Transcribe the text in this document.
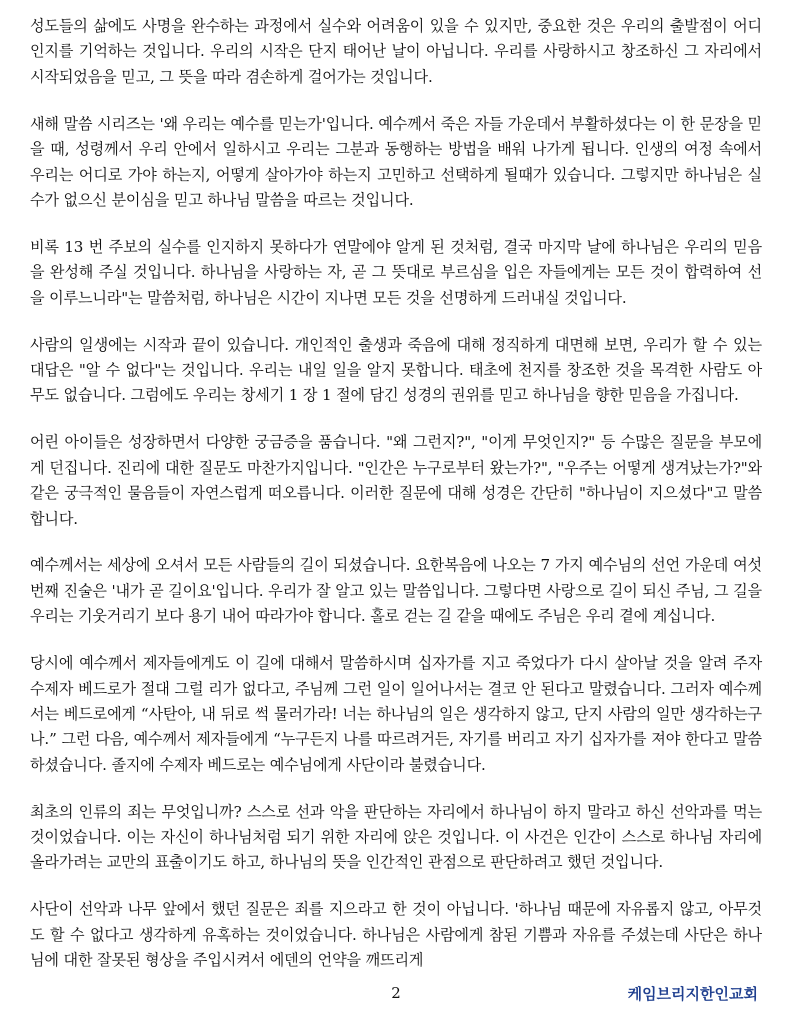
성도들의 삶에도 사명을 완수하는 과정에서 실수와 어려움이 있을 수 있지만, 중요한 것은 우리의 출발점이 어디인지를 기억하는 것입니다. 우리의 시작은 단지 태어난 날이 아닙니다. 우리를 사랑하시고 창조하신 그 자리에서 시작되었음을 믿고, 그 뜻을 따라 겸손하게 걸어가는 것입니다.

새해 말씀 시리즈는 '왜 우리는 예수를 믿는가'입니다. 예수께서 죽은 자들 가운데서 부활하셨다는 이 한 문장을 믿을 때, 성령께서 우리 안에서 일하시고 우리는 그분과 동행하는 방법을 배워 나가게 됩니다. 인생의 여정 속에서 우리는 어디로 가야 하는지, 어떻게 살아가야 하는지 고민하고 선택하게 될때가 있습니다. 그렇지만 하나님은 실수가 없으신 분이심을 믿고 하나님 말씀을 따르는 것입니다.

비록 13 번 주보의 실수를 인지하지 못하다가 연말에야 알게 된 것처럼, 결국 마지막 날에 하나님은 우리의 믿음을 완성해 주실 것입니다. 하나님을 사랑하는 자, 곧 그 뜻대로 부르심을 입은 자들에게는 모든 것이 합력하여 선을 이루느니라"는 말씀처럼, 하나님은 시간이 지나면 모든 것을 선명하게 드러내실 것입니다.

사람의 일생에는 시작과 끝이 있습니다. 개인적인 출생과 죽음에 대해 정직하게 대면해 보면, 우리가 할 수 있는 대답은 "알 수 없다"는 것입니다. 우리는 내일 일을 알지 못합니다. 태초에 천지를 창조한 것을 목격한 사람도 아무도 없습니다. 그럼에도 우리는 창세기 1 장 1 절에 담긴 성경의 권위를 믿고 하나님을 향한 믿음을 가집니다.

어린 아이들은 성장하면서 다양한 궁금증을 품습니다. "왜 그런지?", "이게 무엇인지?" 등 수많은 질문을 부모에게 던집니다. 진리에 대한 질문도 마찬가지입니다. "인간은 누구로부터 왔는가?", "우주는 어떻게 생겨났는가?"와 같은 궁극적인 물음들이 자연스럽게 떠오릅니다. 이러한 질문에 대해 성경은 간단히 "하나님이 지으셨다"고 말씀합니다.

예수께서는 세상에 오셔서 모든 사람들의 길이 되셨습니다. 요한복음에 나오는 7 가지 예수님의 선언 가운데 여섯번째 진술은 '내가 곧 길이요'입니다. 우리가 잘 알고 있는 말씀입니다. 그렇다면 사랑으로 길이 되신 주님, 그 길을 우리는 기웃거리기 보다 용기 내어 따라가야 합니다. 홀로 걷는 길 같을 때에도 주님은 우리 곁에 계십니다.

당시에 예수께서 제자들에게도 이 길에 대해서 말씀하시며 십자가를 지고 죽었다가 다시 살아날 것을 알려 주자 수제자 베드로가 절대 그럴 리가 없다고, 주님께 그런 일이 일어나서는 결코 안 된다고 말렸습니다. 그러자 예수께서는 베드로에게 “사탄아, 내 뒤로 썩 물러가라! 너는 하나님의 일은 생각하지 않고, 단지 사람의 일만 생각하는구나.” 그런 다음, 예수께서 제자들에게 “누구든지 나를 따르려거든, 자기를 버리고 자기 십자가를 져야 한다고 말씀하셨습니다. 졸지에 수제자 베드로는 예수님에게 사단이라 불렸습니다.

최초의 인류의 죄는 무엇입니까? 스스로 선과 악을 판단하는 자리에서 하나님이 하지 말라고 하신 선악과를 먹는 것이었습니다. 이는 자신이 하나님처럼 되기 위한 자리에 앉은 것입니다. 이 사건은 인간이 스스로 하나님 자리에 올라가려는 교만의 표출이기도 하고, 하나님의 뜻을 인간적인 관점으로 판단하려고 했던 것입니다.

사단이 선악과 나무 앞에서 했던 질문은 죄를 지으라고 한 것이 아닙니다. '하나님 때문에 자유롭지 않고, 아무것도 할 수 없다고 생각하게 유혹하는 것이었습니다. 하나님은 사람에게 참된 기쁨과 자유를 주셨는데 사단은 하나님에 대한 잘못된 형상을 주입시켜서 에덴의 언약을 깨뜨리게

2	케임브리지한인교회
